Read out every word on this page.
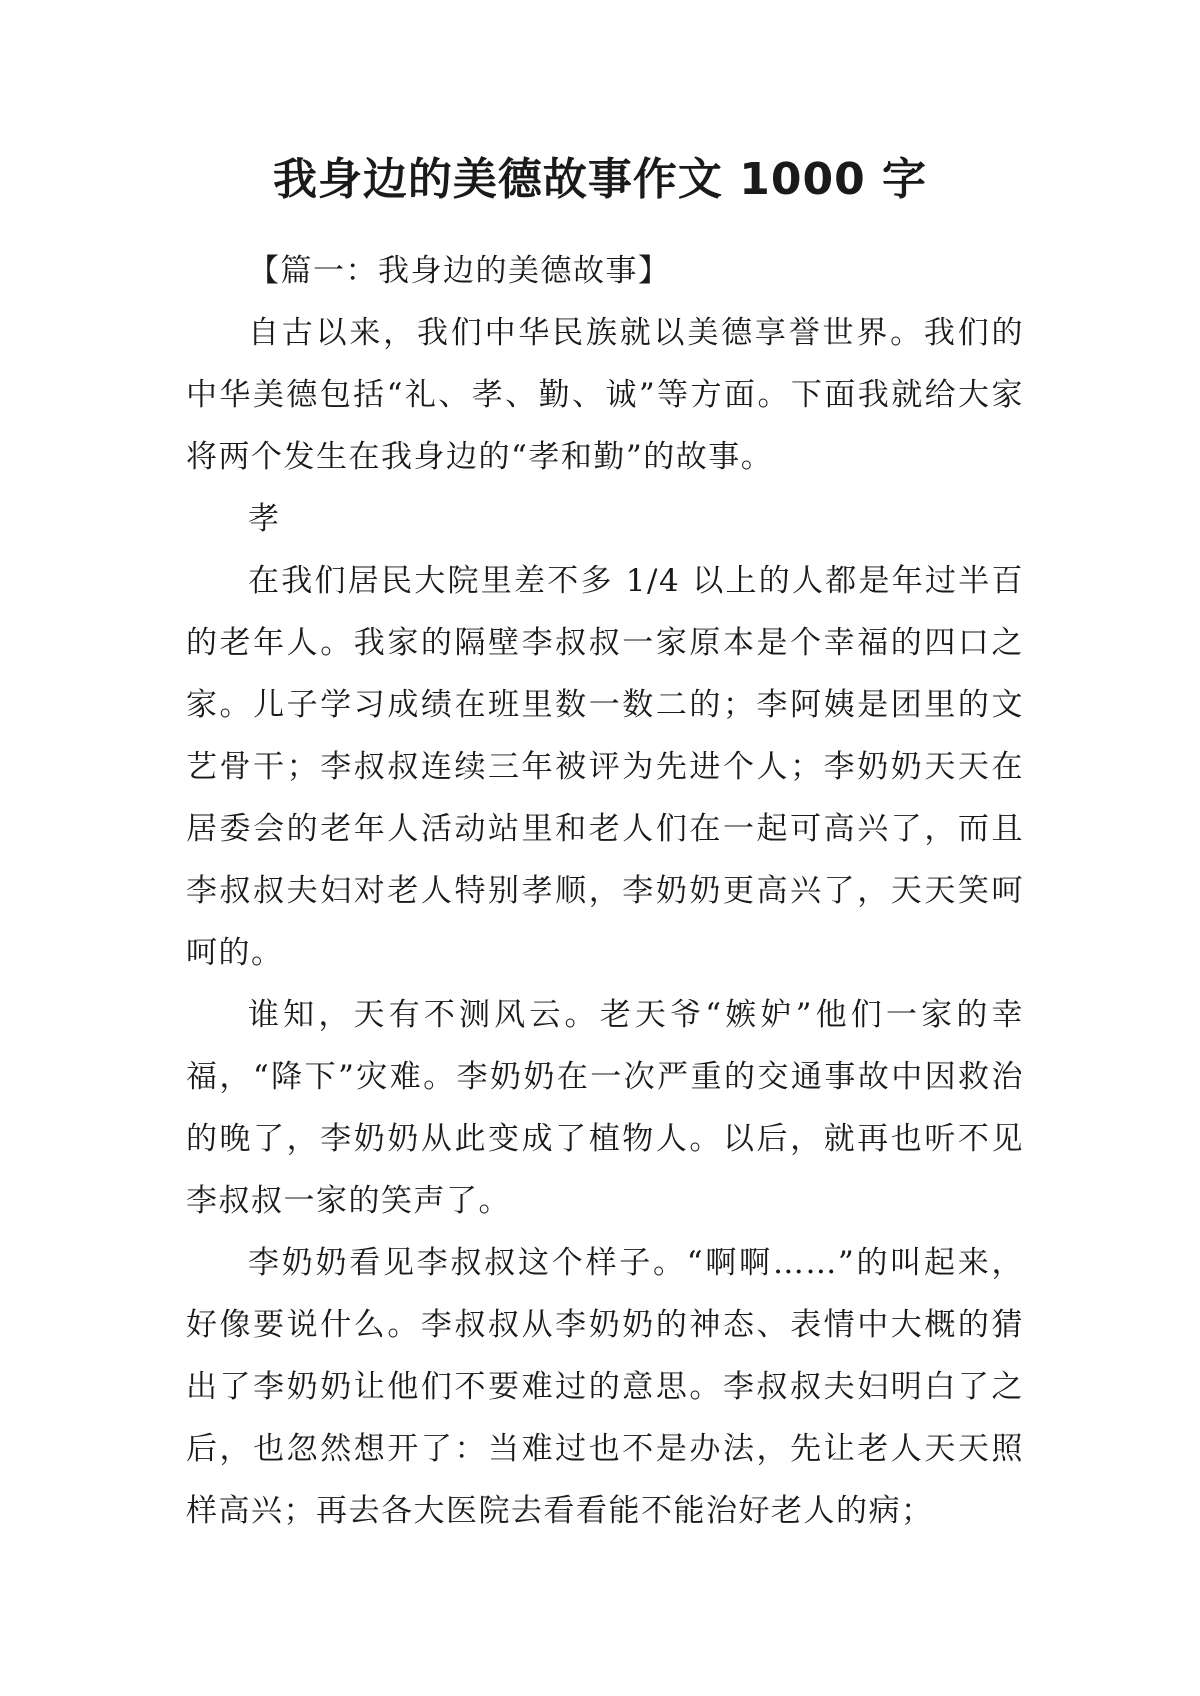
我身边的美德故事作文 1000 字

【篇一：我身边的美德故事】

自古以来，我们中华民族就以美德享誉世界。我们的中华美德包括“礼、孝、勤、诚”等方面。下面我就给大家将两个发生在我身边的“孝和勤”的故事。

孝

在我们居民大院里差不多 1/4 以上的人都是年过半百的老年人。我家的隔壁李叔叔一家原本是个幸福的四口之家。儿子学习成绩在班里数一数二的；李阿姨是团里的文艺骨干；李叔叔连续三年被评为先进个人；李奶奶天天在居委会的老年人活动站里和老人们在一起可高兴了，而且李叔叔夫妇对老人特别孝顺，李奶奶更高兴了，天天笑呵呵的。

谁知，天有不测风云。老天爷“嫉妒”他们一家的幸福，“降下”灾难。李奶奶在一次严重的交通事故中因救治的晚了，李奶奶从此变成了植物人。以后，就再也听不见李叔叔一家的笑声了。

李奶奶看见李叔叔这个样子。“啊啊……”的叫起来，好像要说什么。李叔叔从李奶奶的神态、表情中大概的猜出了李奶奶让他们不要难过的意思。李叔叔夫妇明白了之后，也忽然想开了：当难过也不是办法，先让老人天天照样高兴；再去各大医院去看看能不能治好老人的病；
